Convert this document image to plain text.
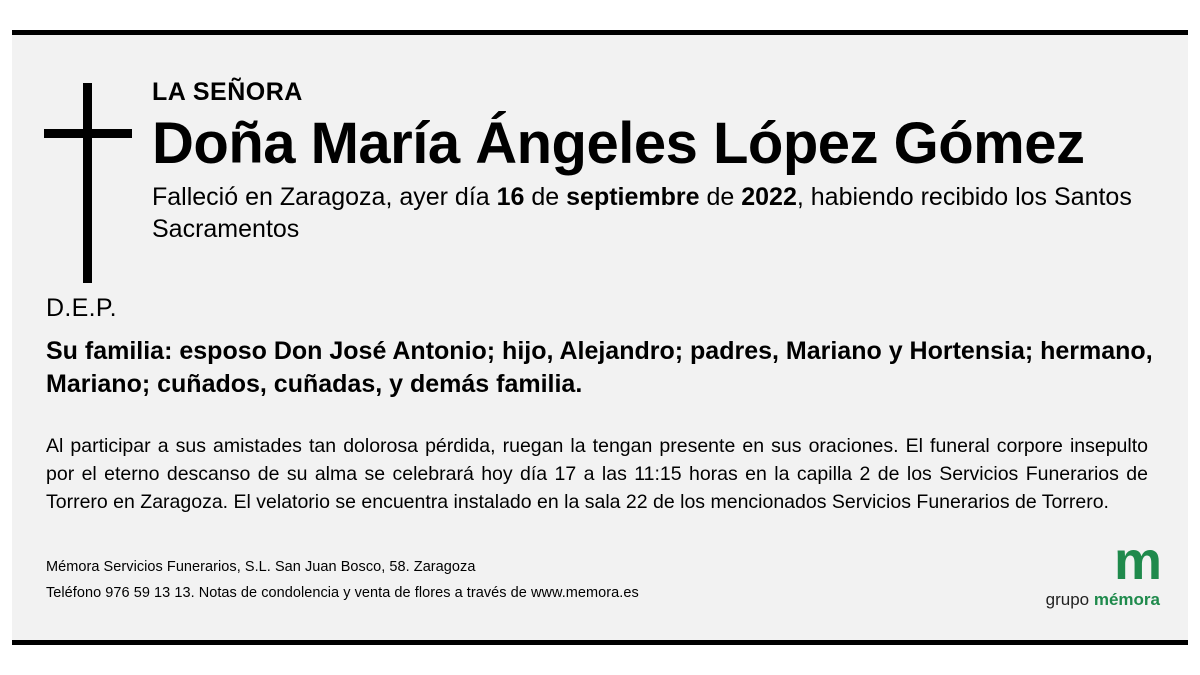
LA SEÑORA
Doña María Ángeles López Gómez

Falleció en Zaragoza, ayer día 16 de septiembre de 2022, habiendo recibido los Santos Sacramentos

D.E.P.
Su familia: esposo Don José Antonio; hijo, Alejandro; padres, Mariano y Hortensia; hermano, Mariano; cuñados, cuñadas, y demás familia.
Al participar a sus amistades tan dolorosa pérdida, ruegan la tengan presente en sus oraciones. El funeral corpore insepulto por el eterno descanso de su alma se celebrará hoy día 17 a las 11:15 horas en la capilla 2 de los Servicios Funerarios de Torrero en Zaragoza. El velatorio se encuentra instalado en la sala 22 de los mencionados Servicios Funerarios de Torrero.
Mémora Servicios Funerarios, S.L. San Juan Bosco, 58. Zaragoza
Teléfono 976 59 13 13. Notas de condolencia y venta de flores a través de www.memora.es
m
grupo mémora
